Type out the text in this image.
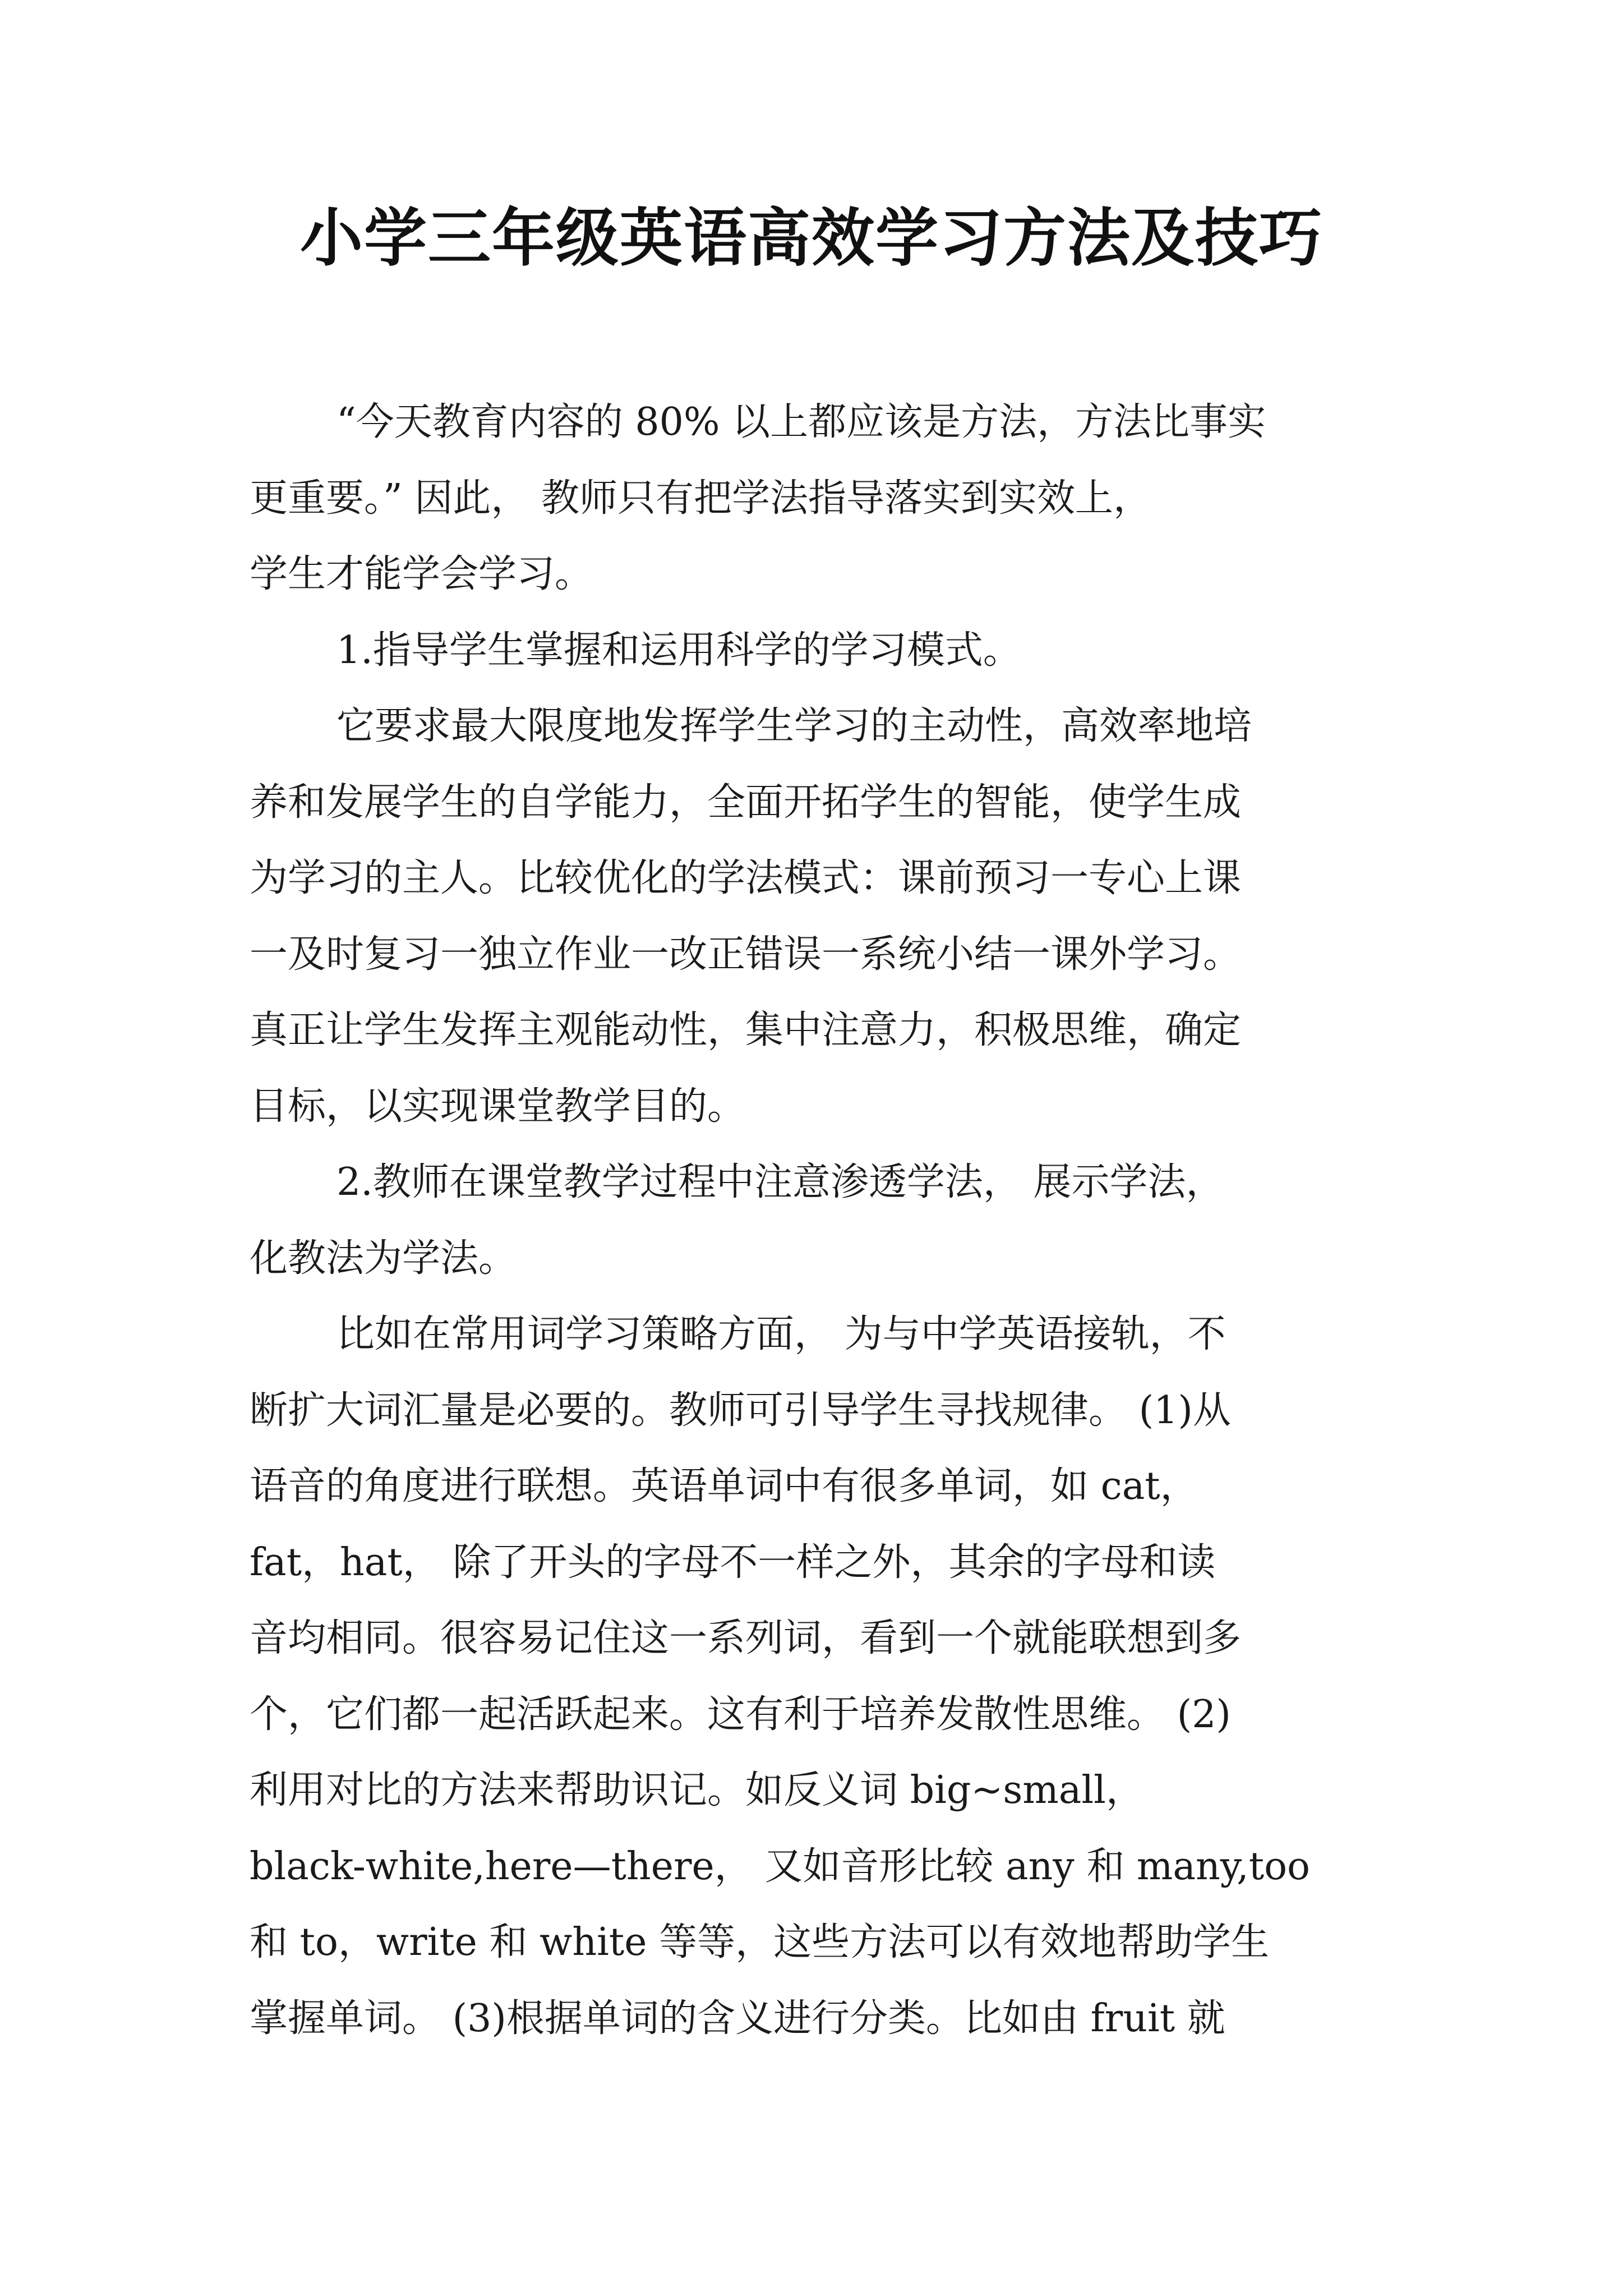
小学三年级英语高效学习方法及技巧
“今天教育内容的 80% 以上都应该是方法，方法比事实
更重要。” 因此， 教师只有把学法指导落实到实效上，
学生才能学会学习。
1.指导学生掌握和运用科学的学习模式。
它要求最大限度地发挥学生学习的主动性，高效率地培
养和发展学生的自学能力，全面开拓学生的智能，使学生成
为学习的主人。比较优化的学法模式：课前预习一专心上课
一及时复习一独立作业一改正错误一系统小结一课外学习。
真正让学生发挥主观能动性，集中注意力，积极思维，确定
目标，以实现课堂教学目的。
2.教师在课堂教学过程中注意渗透学法， 展示学法，
化教法为学法。
比如在常用词学习策略方面， 为与中学英语接轨，不
断扩大词汇量是必要的。教师可引导学生寻找规律。 (1)从
语音的角度进行联想。英语单词中有很多单词，如 cat，
fat，hat， 除了开头的字母不一样之外，其余的字母和读
音均相同。很容易记住这一系列词，看到一个就能联想到多
个，它们都一起活跃起来。这有利于培养发散性思维。 (2)
利用对比的方法来帮助识记。如反义词 big~small，
black-white,here—there， 又如音形比较 any 和 many,too
和 to，write 和 white 等等，这些方法可以有效地帮助学生
掌握单词。 (3)根据单词的含义进行分类。比如由 fruit 就
